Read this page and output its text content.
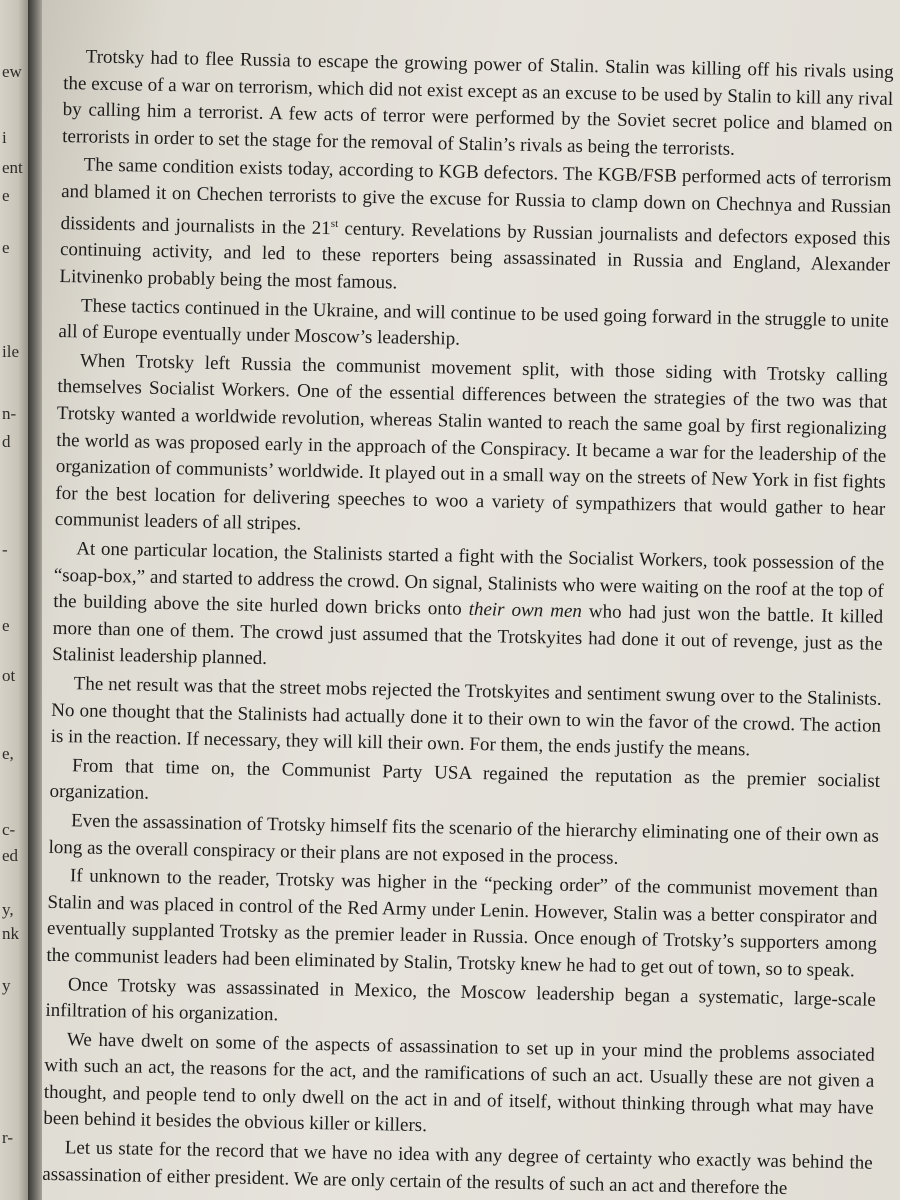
ew
i
ent
e
e
ile
n-
d
-
e
ot
e,
c-
ed
y,
nk
y
r-

Trotsky had to flee Russia to escape the growing power of Stalin. Stalin was killing off his rivals using the excuse of a war on terrorism, which did not exist except as an excuse to be used by Stalin to kill any rival by calling him a terrorist. A few acts of terror were performed by the Soviet secret police and blamed on terrorists in order to set the stage for the removal of Stalin’s rivals as being the terrorists.

The same condition exists today, according to KGB defectors. The KGB/FSB performed acts of terrorism and blamed it on Chechen terrorists to give the excuse for Russia to clamp down on Chechnya and Russian dissidents and journalists in the 21st century. Revelations by Russian journalists and defectors exposed this continuing activity, and led to these reporters being assassinated in Russia and England, Alexander Litvinenko probably being the most famous.

These tactics continued in the Ukraine, and will continue to be used going forward in the struggle to unite all of Europe eventually under Moscow’s leadership.

When Trotsky left Russia the communist movement split, with those siding with Trotsky calling themselves Socialist Workers. One of the essential differences between the strategies of the two was that Trotsky wanted a worldwide revolution, whereas Stalin wanted to reach the same goal by first regionalizing the world as was proposed early in the approach of the Conspiracy. It became a war for the leadership of the organization of communists’ worldwide. It played out in a small way on the streets of New York in fist fights for the best location for delivering speeches to woo a variety of sympathizers that would gather to hear communist leaders of all stripes.

At one particular location, the Stalinists started a fight with the Socialist Workers, took possession of the “soap-box,” and started to address the crowd. On signal, Stalinists who were waiting on the roof at the top of the building above the site hurled down bricks onto their own men who had just won the battle. It killed more than one of them. The crowd just assumed that the Trotskyites had done it out of revenge, just as the Stalinist leadership planned.

The net result was that the street mobs rejected the Trotskyites and sentiment swung over to the Stalinists. No one thought that the Stalinists had actually done it to their own to win the favor of the crowd. The action is in the reaction. If necessary, they will kill their own. For them, the ends justify the means.

From that time on, the Communist Party USA regained the reputation as the premier socialist organization.

Even the assassination of Trotsky himself fits the scenario of the hierarchy eliminating one of their own as long as the overall conspiracy or their plans are not exposed in the process.

If unknown to the reader, Trotsky was higher in the “pecking order” of the communist movement than Stalin and was placed in control of the Red Army under Lenin. However, Stalin was a better conspirator and eventually supplanted Trotsky as the premier leader in Russia. Once enough of Trotsky’s supporters among the communist leaders had been eliminated by Stalin, Trotsky knew he had to get out of town, so to speak.

Once Trotsky was assassinated in Mexico, the Moscow leadership began a systematic, large-scale infiltration of his organization.

We have dwelt on some of the aspects of assassination to set up in your mind the problems associated with such an act, the reasons for the act, and the ramifications of such an act. Usually these are not given a thought, and people tend to only dwell on the act in and of itself, without thinking through what may have been behind it besides the obvious killer or killers.

Let us state for the record that we have no idea with any degree of certainty who exactly was behind the assassination of either president. We are only certain of the results of such an act and therefore the
